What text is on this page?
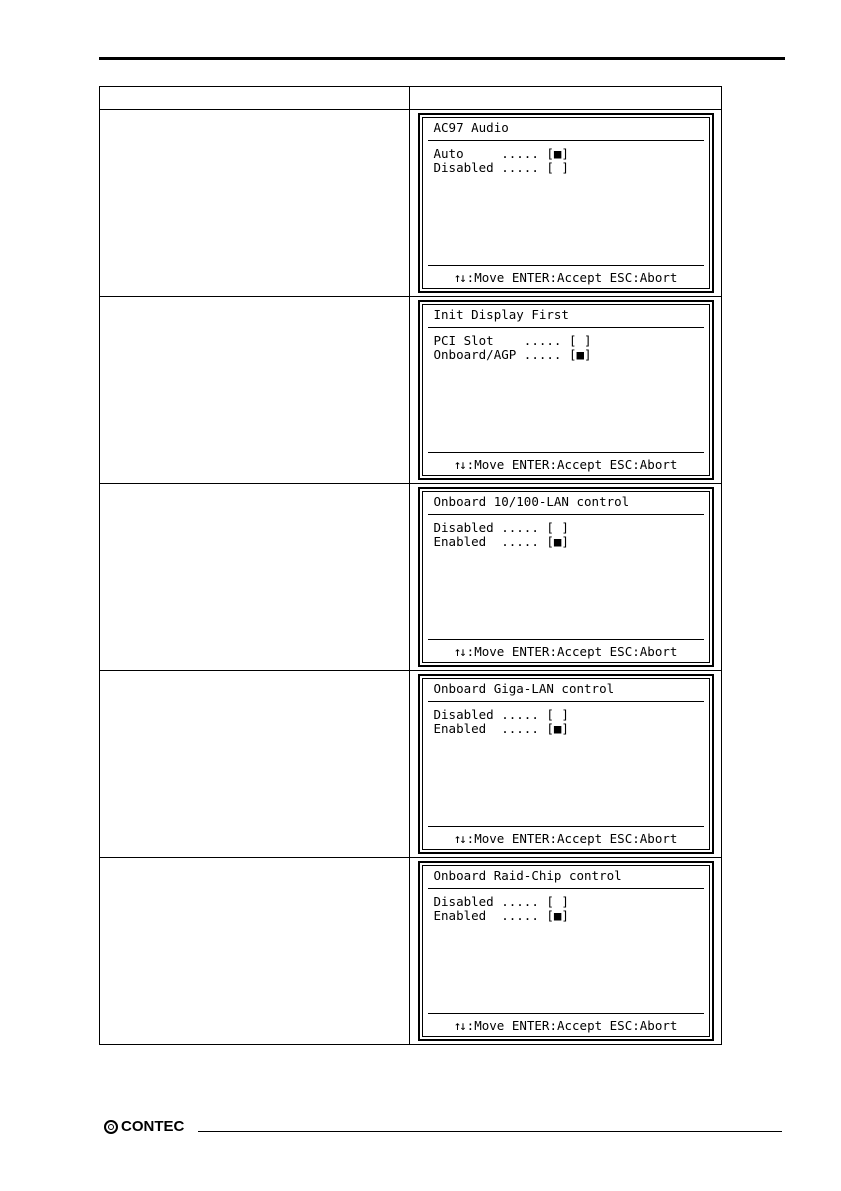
	AC97 Audio
Auto     ..... [■]
Disabled ..... [ ]
↑↓ :Move ENTER:Accept ESC:Abort

	Init Display First
PCI Slot    ..... [ ]
Onboard/AGP ..... [■]
↑↓ :Move ENTER:Accept ESC:Abort

	Onboard 10/100-LAN control
Disabled ..... [ ]
Enabled  ..... [■]
↑↓ :Move ENTER:Accept ESC:Abort

	Onboard Giga-LAN control
Disabled ..... [ ]
Enabled  ..... [■]
↑↓ :Move ENTER:Accept ESC:Abort

	Onboard Raid-Chip control
Disabled ..... [ ]
Enabled  ..... [■]
↑↓ :Move ENTER:Accept ESC:Abort
CONTEC
